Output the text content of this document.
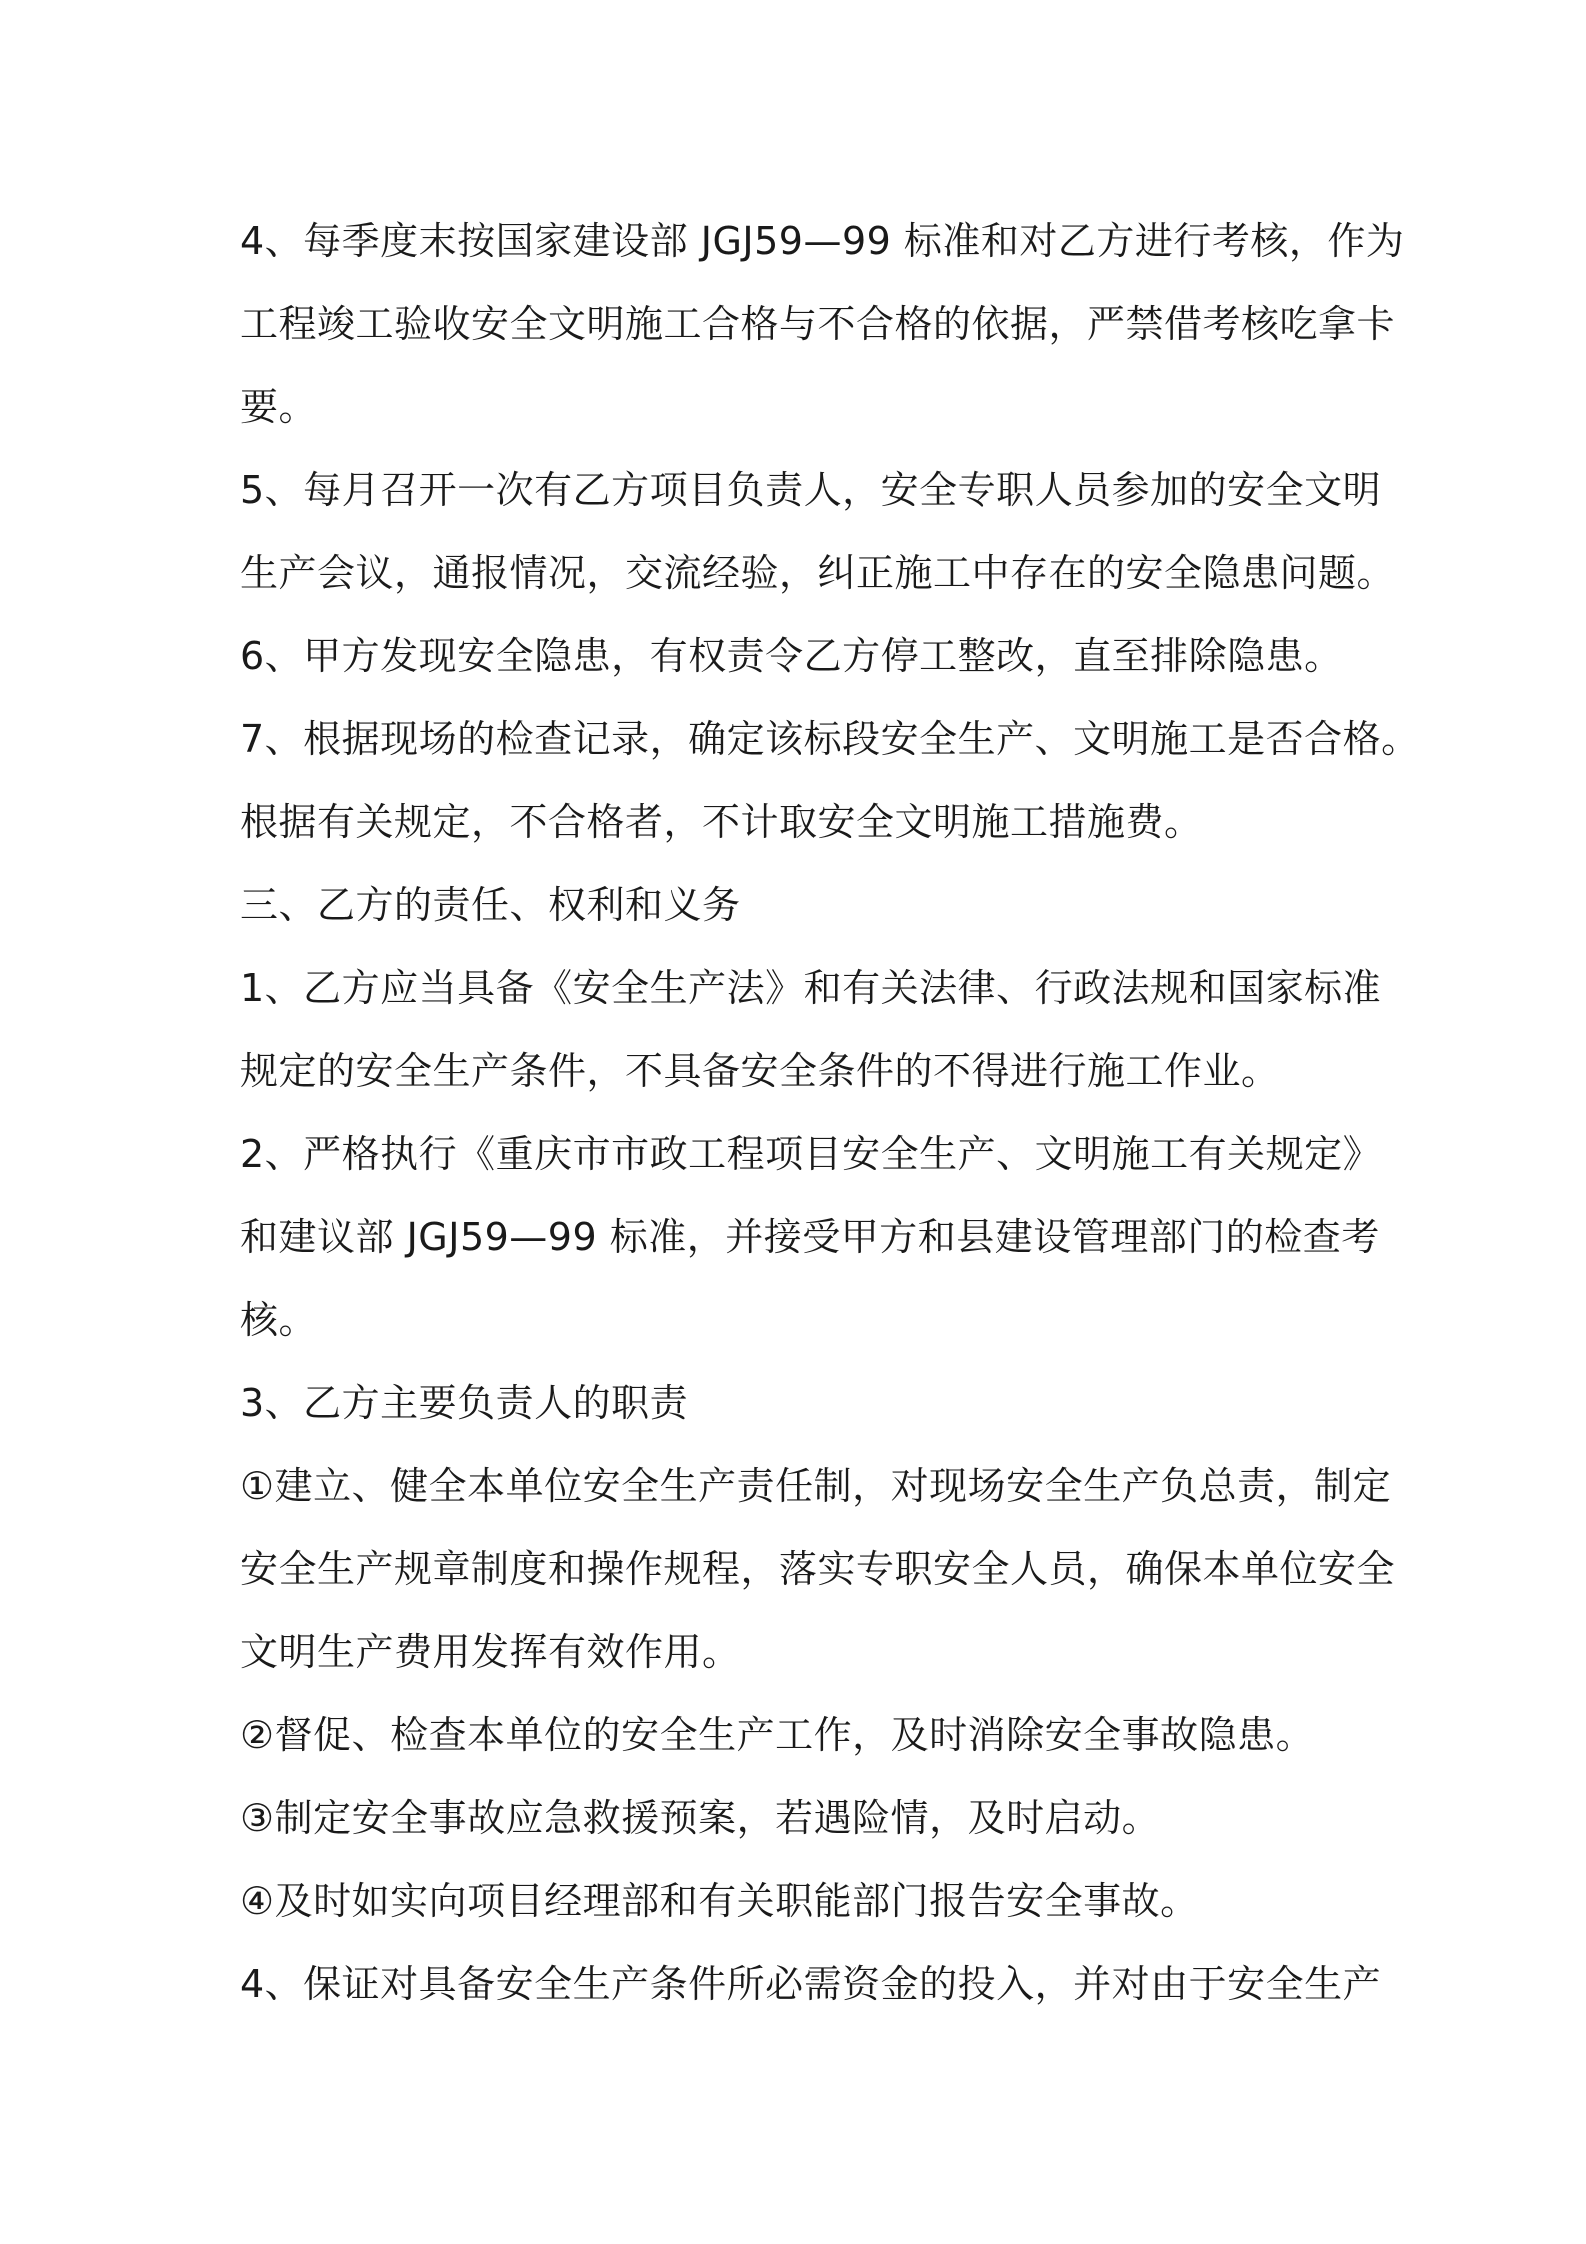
4、每季度末按国家建设部 JGJ59—99 标准和对乙方进行考核，作为

工程竣工验收安全文明施工合格与不合格的依据，严禁借考核吃拿卡

要。

5、每月召开一次有乙方项目负责人，安全专职人员参加的安全文明

生产会议，通报情况，交流经验，纠正施工中存在的安全隐患问题。

6、甲方发现安全隐患，有权责令乙方停工整改，直至排除隐患。

7、根据现场的检查记录，确定该标段安全生产、文明施工是否合格。

根据有关规定，不合格者，不计取安全文明施工措施费。

三、乙方的责任、权利和义务

1、乙方应当具备《安全生产法》和有关法律、行政法规和国家标准

规定的安全生产条件，不具备安全条件的不得进行施工作业。

2、严格执行《重庆市市政工程项目安全生产、文明施工有关规定》

和建议部 JGJ59—99 标准，并接受甲方和县建设管理部门的检查考

核。

3、乙方主要负责人的职责

①建立、健全本单位安全生产责任制，对现场安全生产负总责，制定

安全生产规章制度和操作规程，落实专职安全人员，确保本单位安全

文明生产费用发挥有效作用。

②督促、检查本单位的安全生产工作，及时消除安全事故隐患。

③制定安全事故应急救援预案，若遇险情，及时启动。

④及时如实向项目经理部和有关职能部门报告安全事故。

4、保证对具备安全生产条件所必需资金的投入，并对由于安全生产
